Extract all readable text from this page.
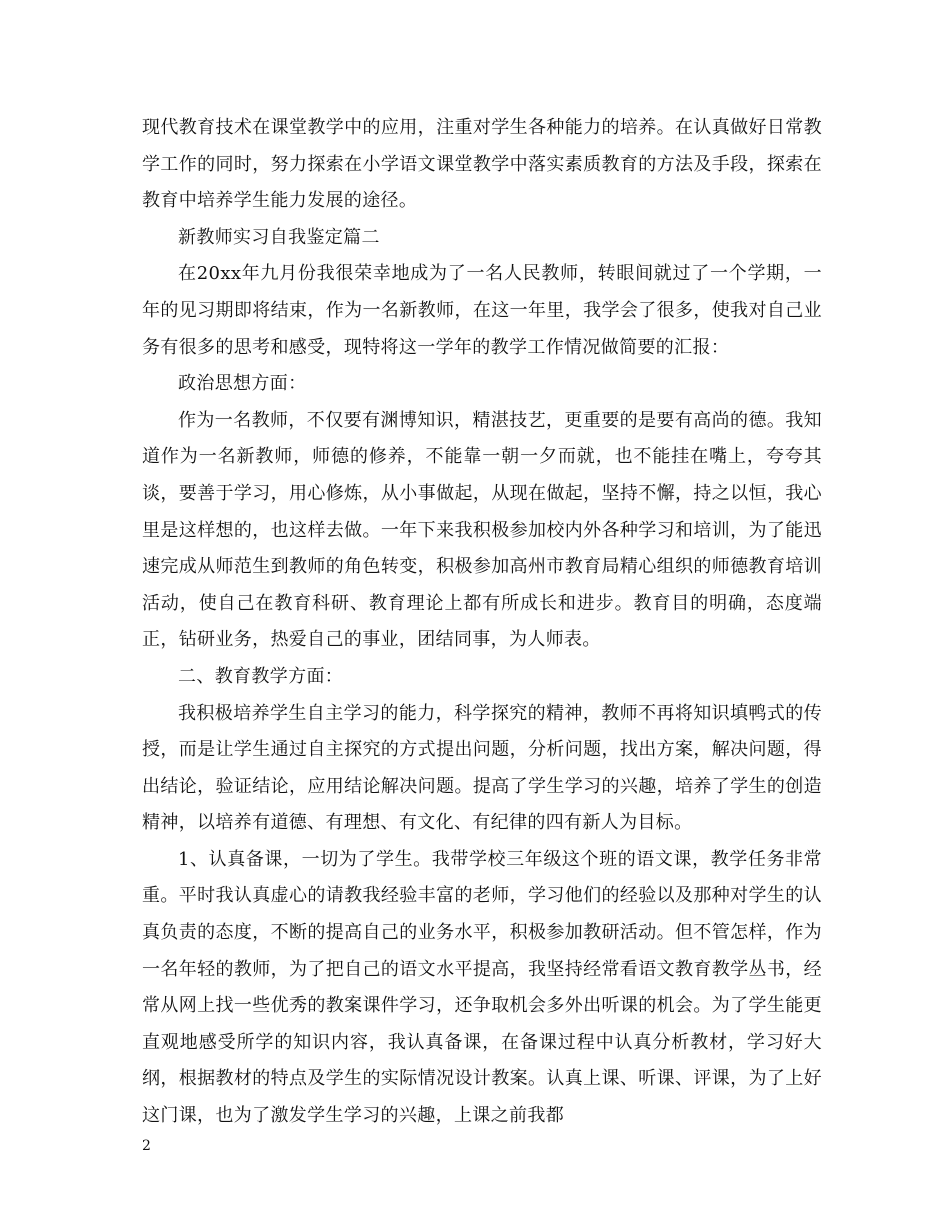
现代教育技术在课堂教学中的应用，注重对学生各种能力的培养。在认真做好日常教学工作的同时，努力探索在小学语文课堂教学中落实素质教育的方法及手段，探索在教育中培养学生能力发展的途径。

新教师实习自我鉴定篇二

在20xx年九月份我很荣幸地成为了一名人民教师，转眼间就过了一个学期，一年的见习期即将结束，作为一名新教师，在这一年里，我学会了很多，使我对自己业务有很多的思考和感受，现特将这一学年的教学工作情况做简要的汇报：

政治思想方面：

作为一名教师，不仅要有渊博知识，精湛技艺，更重要的是要有高尚的德。我知道作为一名新教师，师德的修养，不能靠一朝一夕而就，也不能挂在嘴上，夸夸其谈，要善于学习，用心修炼，从小事做起，从现在做起，坚持不懈，持之以恒，我心里是这样想的，也这样去做。一年下来我积极参加校内外各种学习和培训，为了能迅速完成从师范生到教师的角色转变，积极参加高州市教育局精心组织的师德教育培训活动，使自己在教育科研、教育理论上都有所成长和进步。教育目的明确，态度端正，钻研业务，热爱自己的事业，团结同事，为人师表。

二、教育教学方面：

我积极培养学生自主学习的能力，科学探究的精神，教师不再将知识填鸭式的传授，而是让学生通过自主探究的方式提出问题，分析问题，找出方案，解决问题，得出结论，验证结论，应用结论解决问题。提高了学生学习的兴趣，培养了学生的创造精神，以培养有道德、有理想、有文化、有纪律的四有新人为目标。

1、认真备课，一切为了学生。我带学校三年级这个班的语文课，教学任务非常重。平时我认真虚心的请教我经验丰富的老师，学习他们的经验以及那种对学生的认真负责的态度，不断的提高自己的业务水平，积极参加教研活动。但不管怎样，作为一名年轻的教师，为了把自己的语文水平提高，我坚持经常看语文教育教学丛书，经常从网上找一些优秀的教案课件学习，还争取机会多外出听课的机会。为了学生能更直观地感受所学的知识内容，我认真备课，在备课过程中认真分析教材，学习好大纲，根据教材的特点及学生的实际情况设计教案。认真上课、听课、评课，为了上好这门课，也为了激发学生学习的兴趣，上课之前我都

2
